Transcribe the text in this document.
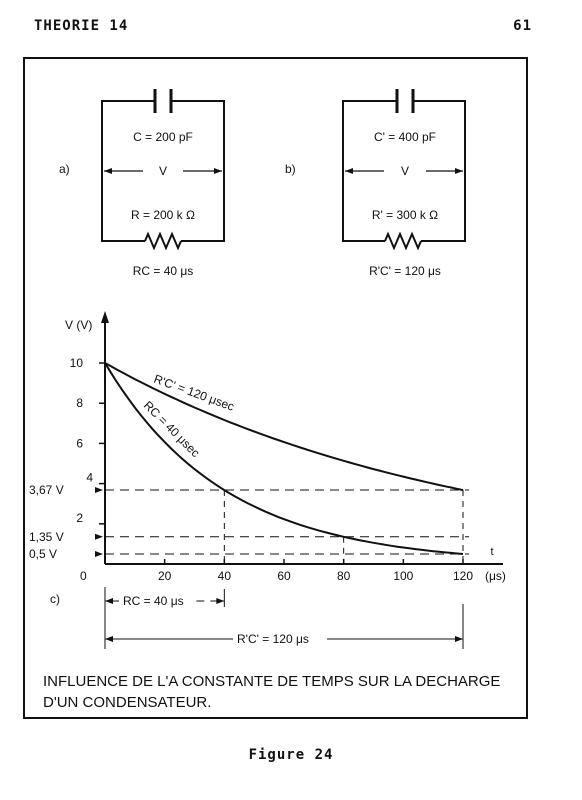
THEORIE 14	61
a)
C = 200 pF
V
R = 200 k Ω
RC = 40 μs
b)
C' = 400 pF
V
R' = 300 k Ω
R'C' = 120 μs
V (V)
0	20	40	60	80	100	120
t
(μs)
4
6
8
10
2
3,67 V
1,35 V
0,5 V
R'C' = 120 μsec
RC = 40 μsec
c)	RC = 40 μs
R'C' = 120 μs
INFLUENCE DE L'A CONSTANTE DE TEMPS SUR LA DECHARGE
D'UN CONDENSATEUR.
Figure 24
